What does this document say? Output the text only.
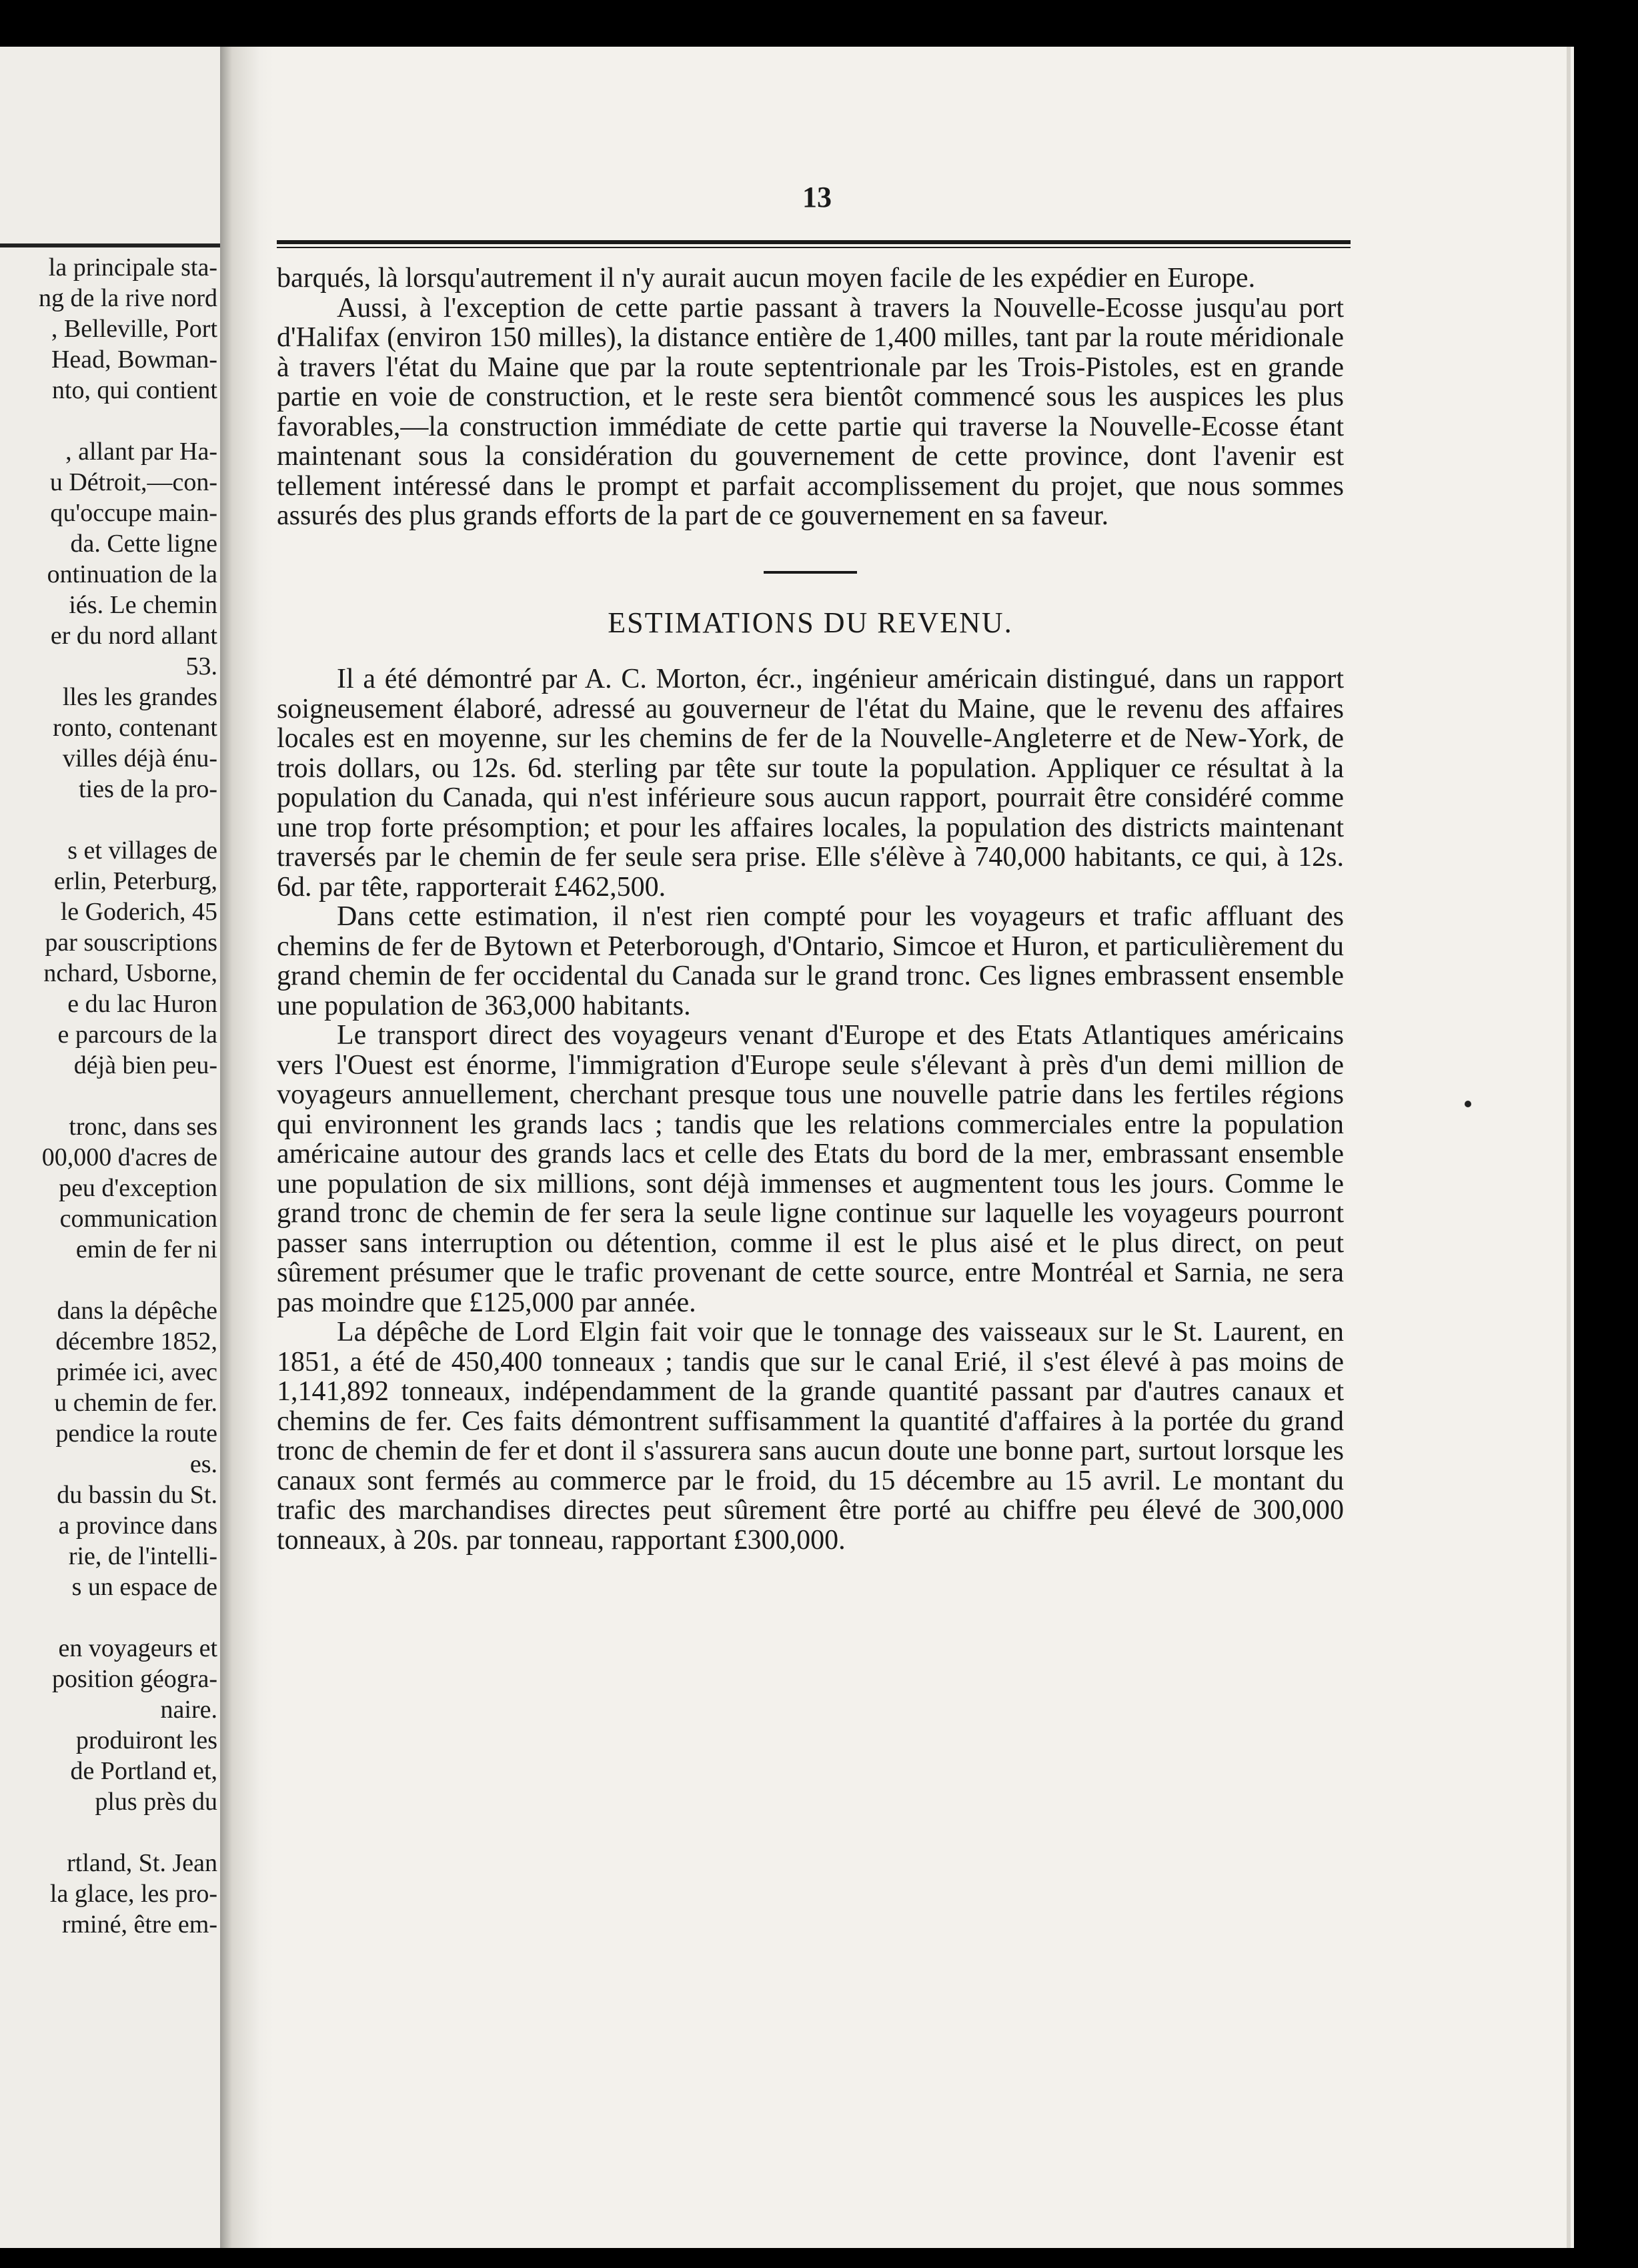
la principale sta-
ng de la rive nord
, Belleville, Port
Head, Bowman-
nto, qui contient
, allant par Ha-
u Détroit,—con-
qu'occupe main-
da. Cette ligne
ontinuation de la
iés. Le chemin
er du nord allant
53.
lles les grandes
ronto, contenant
villes déjà énu-
ties de la pro-
s et villages de
erlin, Peterburg,
le Goderich, 45
par souscriptions
nchard, Usborne,
e du lac Huron
e parcours de la
déjà bien peu-
tronc, dans ses
00,000 d'acres de
peu d'exception
communication
emin de fer ni
dans la dépêche
décembre 1852,
primée ici, avec
u chemin de fer.
pendice la route
es.
du bassin du St.
a province dans
rie, de l'intelli-
s un espace de
en voyageurs et
position géogra-
naire.
produiront les
de Portland et,
plus près du
rtland, St. Jean
la glace, les pro-
rminé, être em-
13

barqués, là lorsqu'autrement il n'y aurait aucun moyen facile de les expédier en Europe.

Aussi, à l'exception de cette partie passant à travers la Nouvelle-Ecosse jusqu'au port d'Halifax (environ 150 milles), la distance entière de 1,400 milles, tant par la route méridionale à travers l'état du Maine que par la route septentrionale par les Trois-Pistoles, est en grande partie en voie de construction, et le reste sera bientôt commencé sous les auspices les plus favorables,—la construction immédiate de cette partie qui traverse la Nouvelle-Ecosse étant maintenant sous la considération du gouvernement de cette province, dont l'avenir est tellement intéressé dans le prompt et parfait accomplissement du projet, que nous sommes assurés des plus grands efforts de la part de ce gouvernement en sa faveur.

ESTIMATIONS DU REVENU.

Il a été démontré par A. C. Morton, écr., ingénieur américain distingué, dans un rapport soigneusement élaboré, adressé au gouverneur de l'état du Maine, que le revenu des affaires locales est en moyenne, sur les chemins de fer de la Nouvelle-Angleterre et de New-York, de trois dollars, ou 12s. 6d. sterling par tête sur toute la population. Appliquer ce résultat à la population du Canada, qui n'est inférieure sous aucun rapport, pourrait être considéré comme une trop forte présomption; et pour les affaires locales, la population des districts maintenant traversés par le chemin de fer seule sera prise. Elle s'élève à 740,000 habitants, ce qui, à 12s. 6d. par tête, rapporterait £462,500.

Dans cette estimation, il n'est rien compté pour les voyageurs et trafic affluant des chemins de fer de Bytown et Peterborough, d'Ontario, Simcoe et Huron, et particulièrement du grand chemin de fer occidental du Canada sur le grand tronc. Ces lignes embrassent ensemble une population de 363,000 habitants.

Le transport direct des voyageurs venant d'Europe et des Etats Atlantiques américains vers l'Ouest est énorme, l'immigration d'Europe seule s'élevant à près d'un demi million de voyageurs annuellement, cherchant presque tous une nouvelle patrie dans les fertiles régions qui environnent les grands lacs ; tandis que les relations commerciales entre la population américaine autour des grands lacs et celle des Etats du bord de la mer, embrassant ensemble une population de six millions, sont déjà immenses et augmentent tous les jours. Comme le grand tronc de chemin de fer sera la seule ligne continue sur laquelle les voyageurs pourront passer sans interruption ou détention, comme il est le plus aisé et le plus direct, on peut sûrement présumer que le trafic provenant de cette source, entre Montréal et Sarnia, ne sera pas moindre que £125,000 par année.

La dépêche de Lord Elgin fait voir que le tonnage des vaisseaux sur le St. Laurent, en 1851, a été de 450,400 tonneaux ; tandis que sur le canal Erié, il s'est élevé à pas moins de 1,141,892 tonneaux, indépendamment de la grande quantité passant par d'autres canaux et chemins de fer. Ces faits démontrent suffisamment la quantité d'affaires à la portée du grand tronc de chemin de fer et dont il s'assurera sans aucun doute une bonne part, surtout lorsque les canaux sont fermés au commerce par le froid, du 15 décembre au 15 avril. Le montant du trafic des marchandises directes peut sûrement être porté au chiffre peu élevé de 300,000 tonneaux, à 20s. par tonneau, rapportant £300,000.
